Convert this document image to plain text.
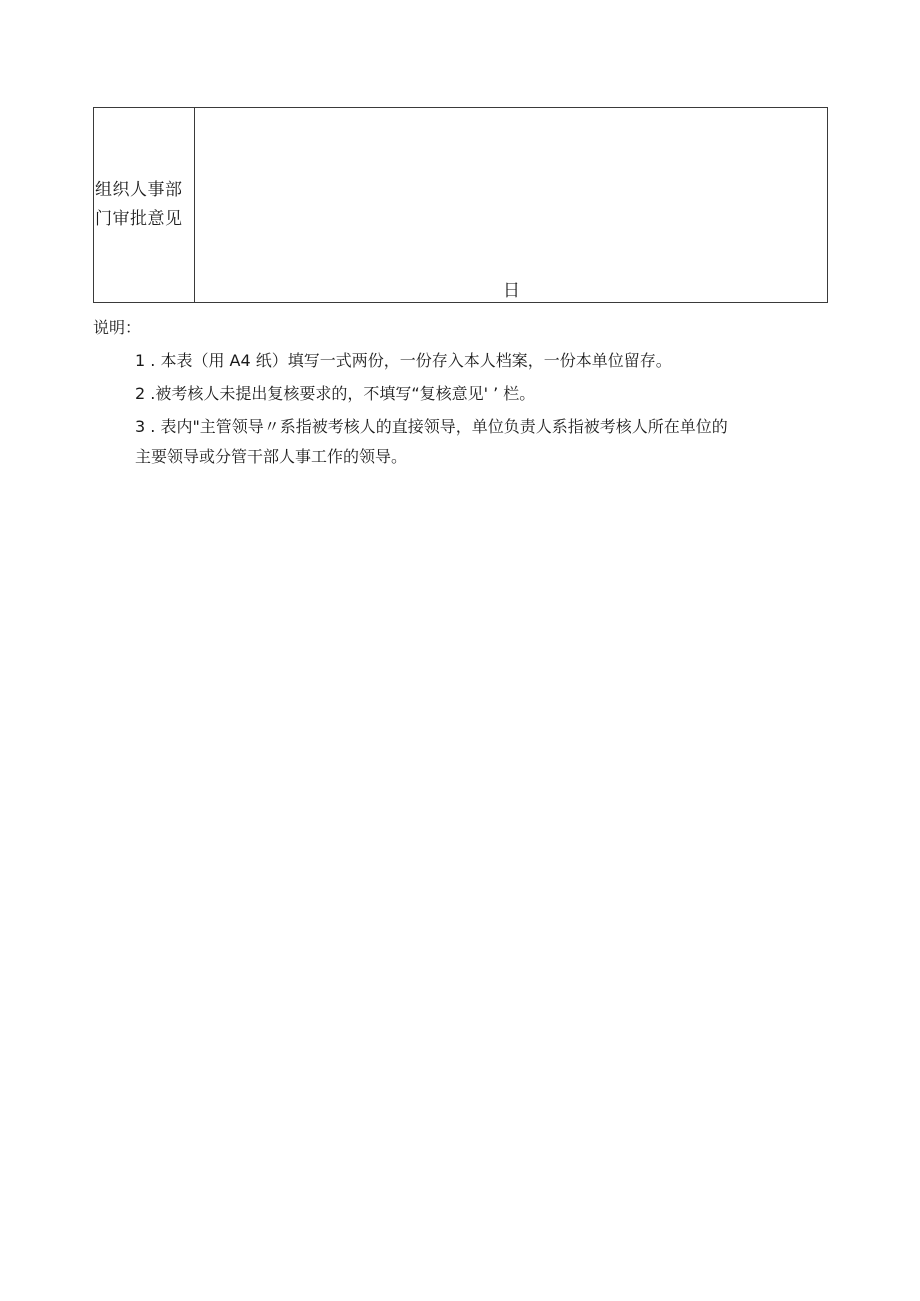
组织人事部
门审批意见
日
说明：
1 . 本表（用 A4 纸）填写一式两份，一份存入本人档案，一份本单位留存。
2 .被考核人未提出复核要求的，不填写“复核意见' ’ 栏。
3 . 表内"主管领导〃系指被考核人的直接领导，单位负责人系指被考核人所在单位的
主要领导或分管干部人事工作的领导。
